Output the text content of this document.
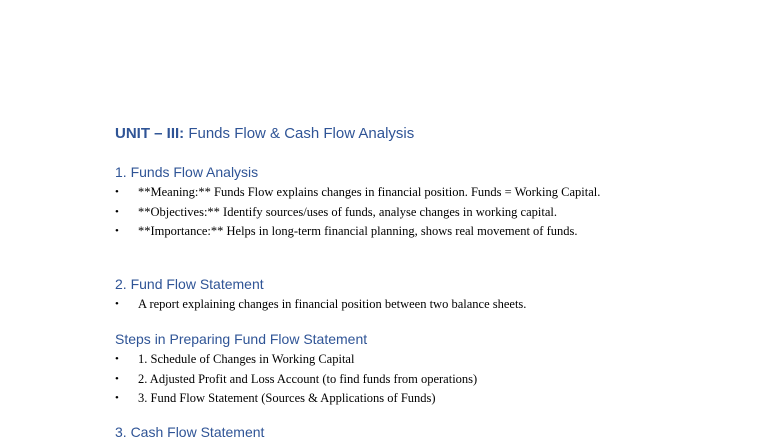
UNIT – III: Funds Flow & Cash Flow Analysis
1. Funds Flow Analysis
• **Meaning:** Funds Flow explains changes in financial position. Funds = Working Capital.
• **Objectives:** Identify sources/uses of funds, analyse changes in working capital.
• **Importance:** Helps in long-term financial planning, shows real movement of funds.
2. Fund Flow Statement
• A report explaining changes in financial position between two balance sheets.
Steps in Preparing Fund Flow Statement
• 1. Schedule of Changes in Working Capital
• 2. Adjusted Profit and Loss Account (to find funds from operations)
• 3. Fund Flow Statement (Sources & Applications of Funds)
3. Cash Flow Statement
